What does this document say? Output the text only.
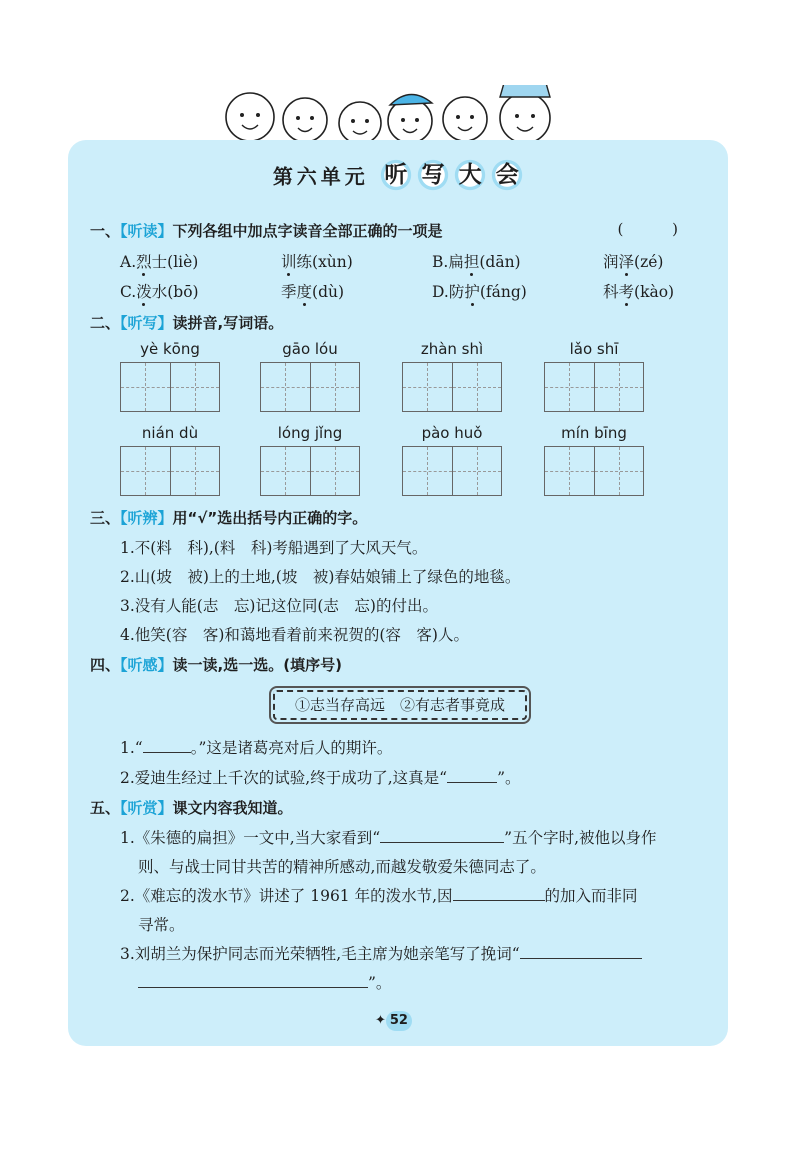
第六单元 听 写 大 会
一、【听读】下列各组中加点字读音全部正确的一项是	( )
A.烈士(liè)	训练(xùn)	B.扁担(dān)	润泽(zé)
C.泼水(bō)	季度(dù)	D.防护(fáng)	科考(kào)
二、【听写】读拼音,写词语。
yè kōng	gāo lóu	zhàn shì	lǎo shī
nián dù	lóng jǐng	pào huǒ	mín bīng
三、【听辨】用“√”选出括号内正确的字。
1.不(料　科),(料　科)考船遇到了大风天气。
2.山(坡　被)上的土地,(坡　被)春姑娘铺上了绿色的地毯。
3.没有人能(志　忘)记这位同(志　忘)的付出。
4.他笑(容　客)和蔼地看着前来祝贺的(容　客)人。
四、【听感】读一读,选一选。(填序号)
①志当存高远　②有志者事竟成
1.“	。”这是诸葛亮对后人的期许。
2.爱迪生经过上千次的试验,终于成功了,这真是“	”。
五、【听赏】课文内容我知道。
1.《朱德的扁担》一文中,当大家看到“	”五个字时,被他以身作
则、与战士同甘共苦的精神所感动,而越发敬爱朱德同志了。
2.《难忘的泼水节》讲述了 1961 年的泼水节,因	的加入而非同
寻常。
3.刘胡兰为保护同志而光荣牺牲,毛主席为她亲笔写了挽词“
”。
✦ 52
